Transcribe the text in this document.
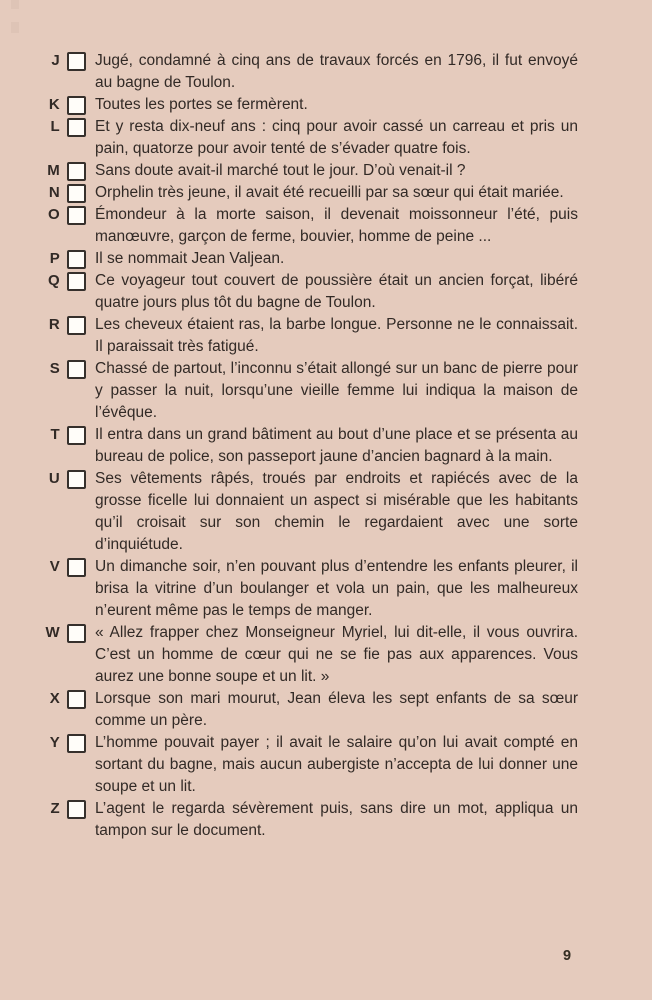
J Jugé, condamné à cinq ans de travaux forcés en 1796, il fut envoyé au bagne de Toulon.

K Toutes les portes se fermèrent.

L Et y resta dix-neuf ans : cinq pour avoir cassé un carreau et pris un pain, quatorze pour avoir tenté de s’évader quatre fois.

M Sans doute avait-il marché tout le jour. D’où venait-il ?

N Orphelin très jeune, il avait été recueilli par sa sœur qui était mariée.

O Émondeur à la morte saison, il devenait moissonneur l’été, puis manœuvre, garçon de ferme, bouvier, homme de peine ...

P Il se nommait Jean Valjean.

Q Ce voyageur tout couvert de poussière était un ancien forçat, libéré quatre jours plus tôt du bagne de Toulon.

R Les cheveux étaient ras, la barbe longue. Personne ne le connaissait. Il paraissait très fatigué.

S Chassé de partout, l’inconnu s’était allongé sur un banc de pierre pour y passer la nuit, lorsqu’une vieille femme lui indiqua la maison de l’évêque.

T Il entra dans un grand bâtiment au bout d’une place et se présenta au bureau de police, son passeport jaune d’ancien bagnard à la main.

U Ses vêtements râpés, troués par endroits et rapiécés avec de la grosse ficelle lui donnaient un aspect si misérable que les habitants qu’il croisait sur son chemin le regardaient avec une sorte d’inquiétude.

V Un dimanche soir, n’en pouvant plus d’entendre les enfants pleurer, il brisa la vitrine d’un boulanger et vola un pain, que les malheureux n’eurent même pas le temps de manger.

W « Allez frapper chez Monseigneur Myriel, lui dit-elle, il vous ouvrira. C’est un homme de cœur qui ne se fie pas aux apparences. Vous aurez une bonne soupe et un lit. »

X Lorsque son mari mourut, Jean éleva les sept enfants de sa sœur comme un père.

Y L’homme pouvait payer ; il avait le salaire qu’on lui avait compté en sortant du bagne, mais aucun aubergiste n’accepta de lui donner une soupe et un lit.

Z L’agent le regarda sévèrement puis, sans dire un mot, appliqua un tampon sur le document.

9
